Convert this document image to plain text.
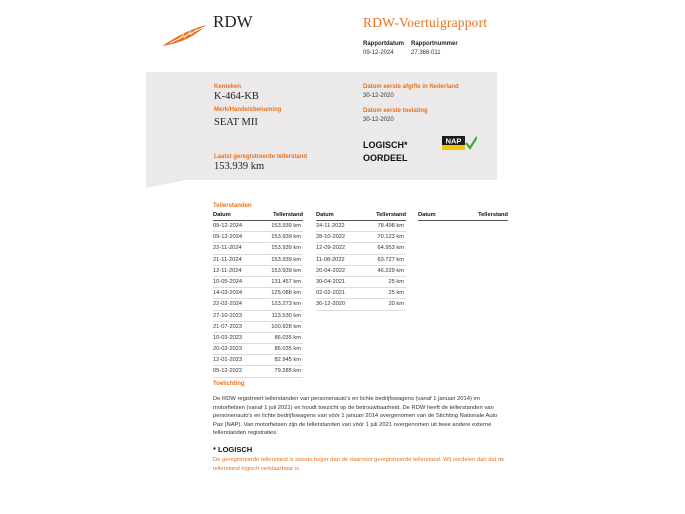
RDW	RDW-Voertuigrapport
Rapportdatum Rapportnummer
09-12-2024	27.366.011
Kenteken
K-464-KB
Merk/Handelsbenaming
SEAT MII
Laatst geregistreerde tellerstand
153.939 km
Datum eerste afgifte in Nederland
30-12-2020
Datum eerste toelating
30-12-2020
LOGISCH*
OORDEEL
NAP
Tellerstanden
Datum	Tellerstand
09-12-2024	153.939 km
09-12-2024	153.939 km
22-11-2024	153.939 km
21-11-2024	153.939 km
12-11-2024	153.939 km
10-05-2024	131.457 km
14-03-2024	125.088 km
22-02-2024	123.273 km
27-10-2023	113.530 km
21-07-2023	100.928 km
10-03-2023	86.035 km
20-02-2023	86.035 km
12-01-2023	82.945 km
05-12-2022	79.285 km
Datum	Tellerstand
24-11-2022	78.498 km
28-10-2022	70.123 km
12-09-2022	64.953 km
11-08-2022	63.727 km
20-04-2022	46.229 km
30-04-2021	25 km
02-02-2021	25 km
30-12-2020	20 km
Datum	Tellerstand
Toelichting
De RDW registreert tellerstanden van personenauto's en lichte bedrijfswagens (vanaf 1 januari 2014) en motorfietsen (vanaf 1 juli 2021) en houdt toezicht op de betrouwbaarheid. De RDW heeft de tellerstanden van personenauto's en lichte bedrijfswagens van vóór 1 januari 2014 overgenomen van de Stichting Nationale Auto Pas (NAP). Van motorfietsen zijn de tellerstanden van vóór 1 juli 2021 overgenomen uit twee andere externe tellerstanden registraties.
* LOGISCH
De geregistreerde tellerstand is steeds hoger dan de daarvoor geregistreerde tellerstand. Wij oordelen dan dat de tellerstand logisch verklaarbaar is.
